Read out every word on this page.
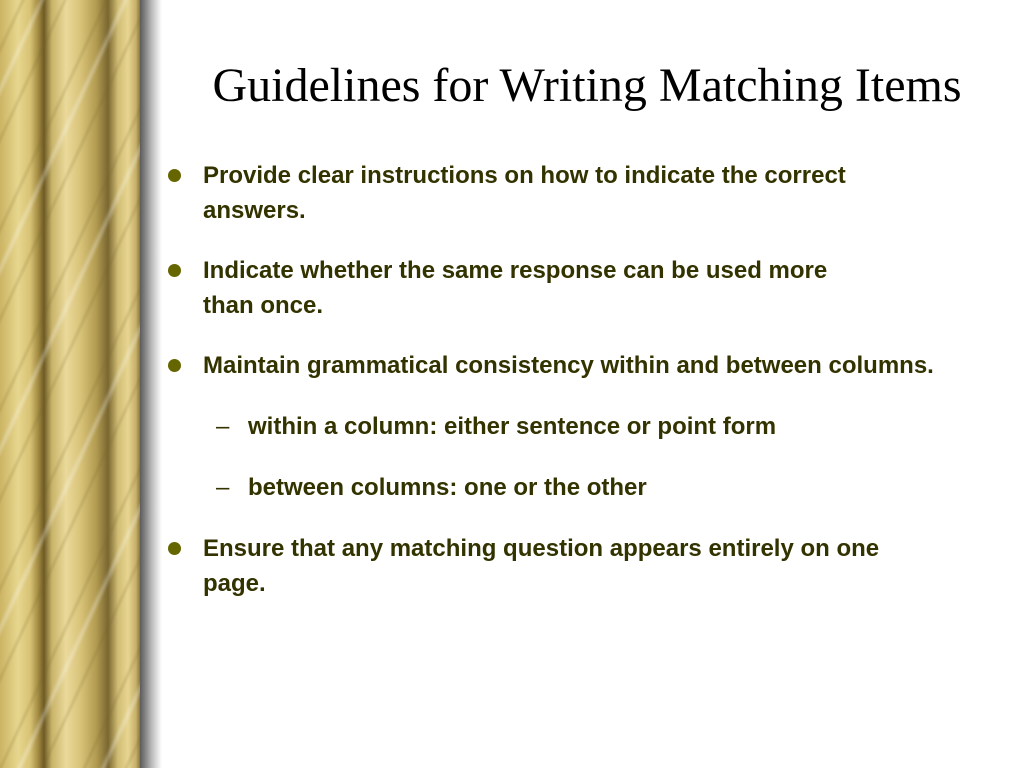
Guidelines for Writing Matching Items
Provide clear instructions on how to indicate the correct answers.
Indicate whether the same response can be used more than once.
Maintain grammatical consistency within and between columns.
– within a column: either sentence or point form
– between columns: one or the other
Ensure that any matching question appears entirely on one page.
